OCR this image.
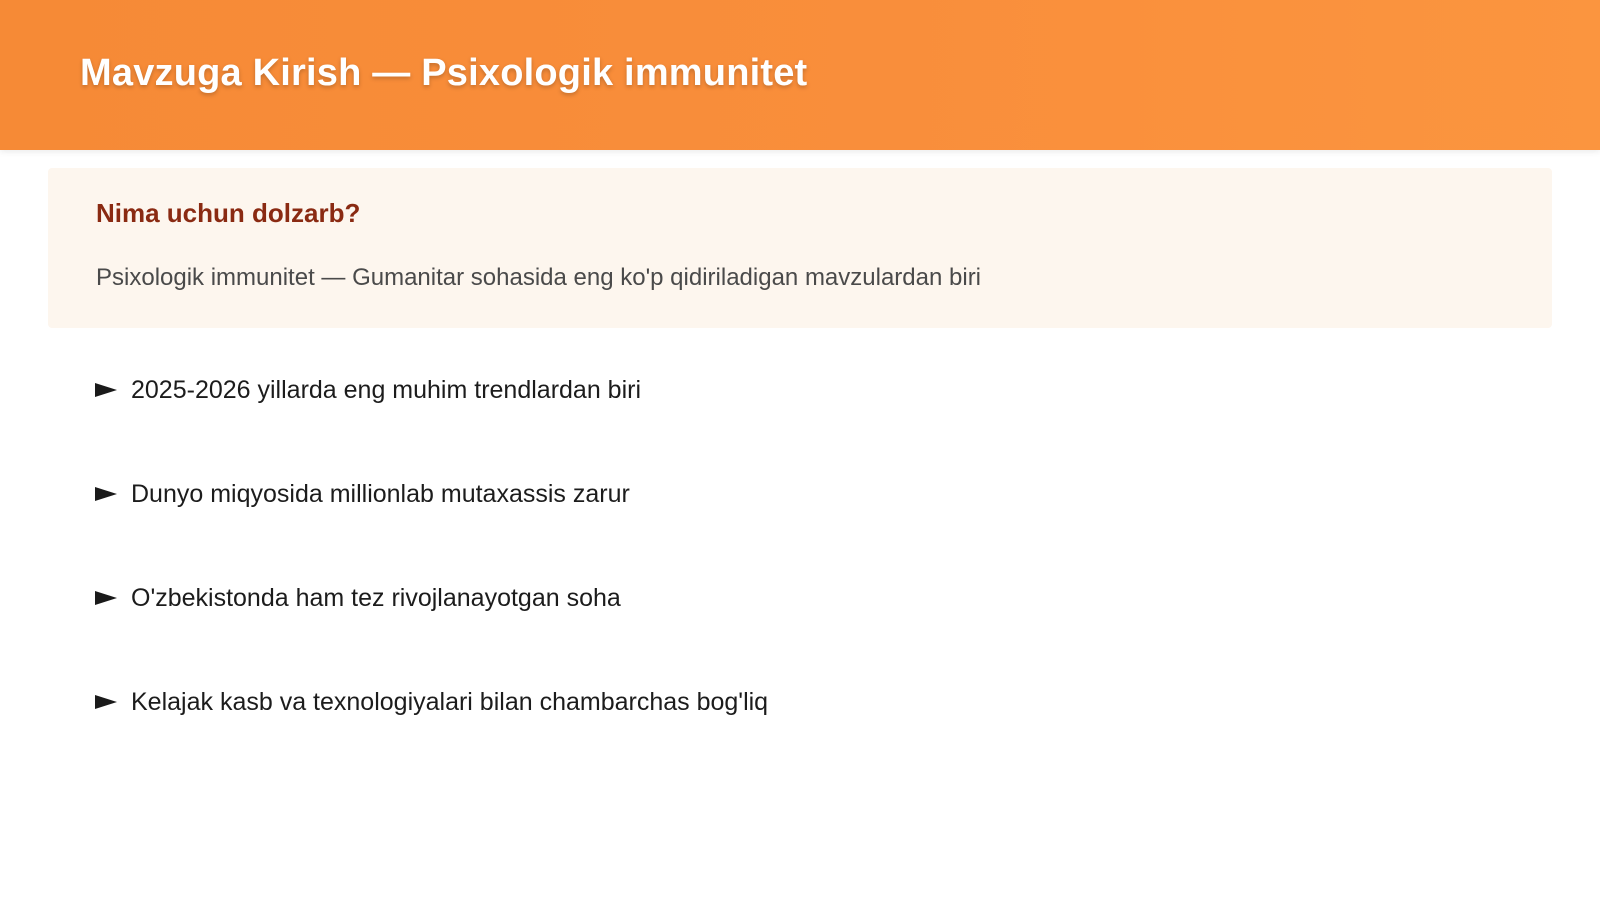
Mavzuga Kirish — Psixologik immunitet
Nima uchun dolzarb?

Psixologik immunitet — Gumanitar sohasida eng ko'p qidiriladigan mavzulardan biri

2025-2026 yillarda eng muhim trendlardan biri
Dunyo miqyosida millionlab mutaxassis zarur
O'zbekistonda ham tez rivojlanayotgan soha
Kelajak kasb va texnologiyalari bilan chambarchas bog'liq
